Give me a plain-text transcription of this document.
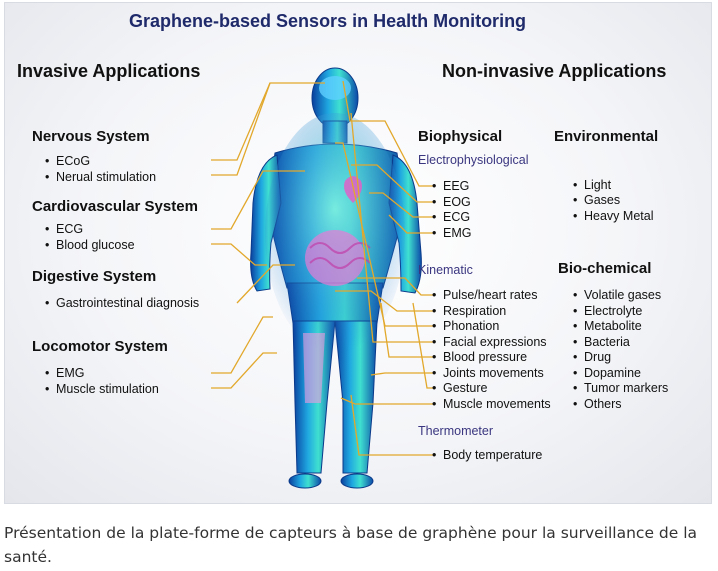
Graphene-based Sensors in Health Monitoring
Invasive Applications
Nervous System
• ECoG
• Nerual stimulation
Cardiovascular System
• ECG
• Blood glucose
Digestive System
• Gastrointestinal diagnosis
Locomotor System
• EMG
• Muscle stimulation
Non-invasive Applications
Biophysical
Electrophysiological
• EEG
• EOG
• ECG
• EMG
Kinematic
• Pulse/heart rates
• Respiration
• Phonation
• Facial expressions
• Blood pressure
• Joints movements
• Gesture
• Muscle movements
Thermometer
• Body temperature
Environmental
• Light
• Gases
• Heavy Metal
Bio-chemical
• Volatile gases
• Electrolyte
• Metabolite
• Bacteria
• Drug
• Dopamine
• Tumor markers
• Others
Présentation de la plate-forme de capteurs à base de graphène pour la surveillance de la santé.
